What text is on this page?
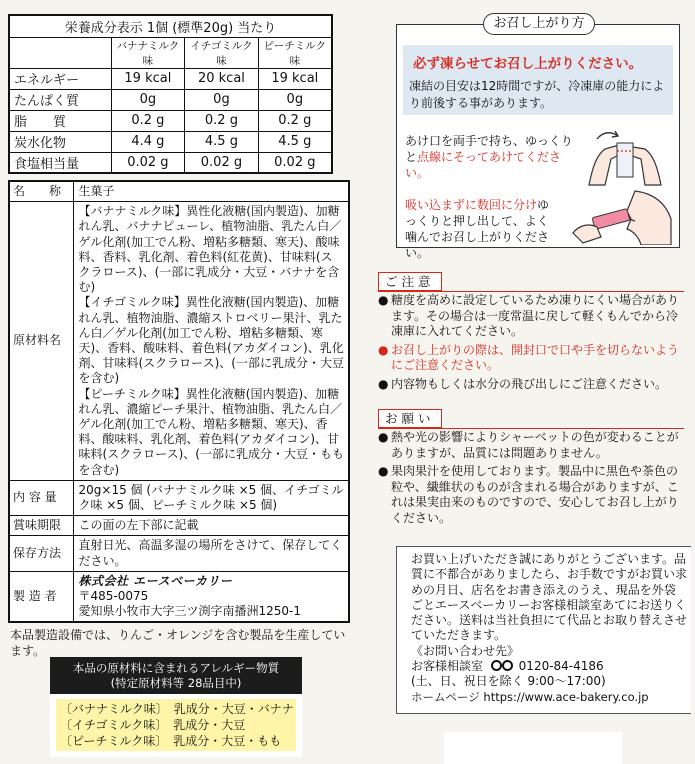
栄養成分表示 1個 (標準20g) 当たり			
	バナナミルク味	イチゴミルク味	ピーチミルク味
エネルギー	19 kcal	20 kcal	19 kcal
たんぱく質	0g	0g	0g
脂　　質	0.2 g	0.2 g	0.2 g
炭水化物	4.4 g	4.5 g	4.5 g
食塩相当量	0.02 g	0.02 g	0.02 g
名　　称	生菓子
原材料名	【バナナミルク味】異性化液糖(国内製造)、加糖れん乳、バナナピューレ、植物油脂、乳たん白／ゲル化剤(加工でん粉、増粘多糖類、寒天)、酸味料、香料、乳化剤、着色料(紅花黄)、甘味料(スクラロース)、(一部に乳成分・大豆・バナナを含む)
【イチゴミルク味】異性化液糖(国内製造)、加糖れん乳、植物油脂、濃縮ストロベリー果汁、乳たん白／ゲル化剤(加工でん粉、増粘多糖類、寒天)、香料、酸味料、着色料(アカダイコン)、乳化剤、甘味料(スクラロース)、(一部に乳成分・大豆を含む)
【ピーチミルク味】異性化液糖(国内製造)、加糖れん乳、濃縮ピーチ果汁、植物油脂、乳たん白／ゲル化剤(加工でん粉、増粘多糖類、寒天)、香料、酸味料、乳化剤、着色料(アカダイコン)、甘味料(スクラロース)、(一部に乳成分・大豆・ももを含む)

内 容 量	20g×15 個 (バナナミルク味 ×5 個、イチゴミルク味 ×5 個、ピーチミルク味 ×5 個)
賞味期限	この面の左下部に記載
保存方法	直射日光、高温多湿の場所をさけて、保存してください。
製 造 者	株式会社 エースベーカリー
〒485-0075
愛知県小牧市大字三ツ渕字南播洲1250-1
本品製造設備では、りんご・オレンジを含む製品を生産しています。
本品の原材料に含まれるアレルギー物質
(特定原材料等 28品目中)
〔バナナミルク味〕  乳成分・大豆・バナナ
〔イチゴミルク味〕  乳成分・大豆
〔ピーチミルク味〕  乳成分・大豆・もも
お召し上がり方
必ず凍らせてお召し上がりください。

凍結の目安は12時間ですが、冷凍庫の能力により前後する事があります。

あけ口を両手で持ち、ゆっくりと点線にそってあけてください。
吸い込まずに数回に分けゆっくりと押し出して、よく噛んでお召し上がりください。
ご注意
● 糖度を高めに設定しているため凍りにくい場合があります。その場合は一度常温に戻して軽くもんでから冷凍庫に入れてください。
● お召し上がりの際は、開封口で口や手を切らないようにご注意ください。
● 内容物もしくは水分の飛び出しにご注意ください。
お願い
● 熱や光の影響によりシャーベットの色が変わることがありますが、品質には問題ありません。
● 果肉果汁を使用しております。製品中に黒色や茶色の粒や、繊維状のものが含まれる場合がありますが、これは果実由来のものですので、安心してお召し上がりください。
お買い上げいただき誠にありがとうございます。品質に不都合がありましたら、お手数ですがお買い求めの月日、店名をお書き添えのうえ、現品を外袋ごとエースベーカリーお客様相談室あてにお送りください。送料は当社負担にて代品とお取り替えさせていただきます。
《お問い合わせ先》
お客様相談室	0120-84-4186
(土、日、祝日を除く 9:00～17:00)
ホームページ https://www.ace-bakery.co.jp
